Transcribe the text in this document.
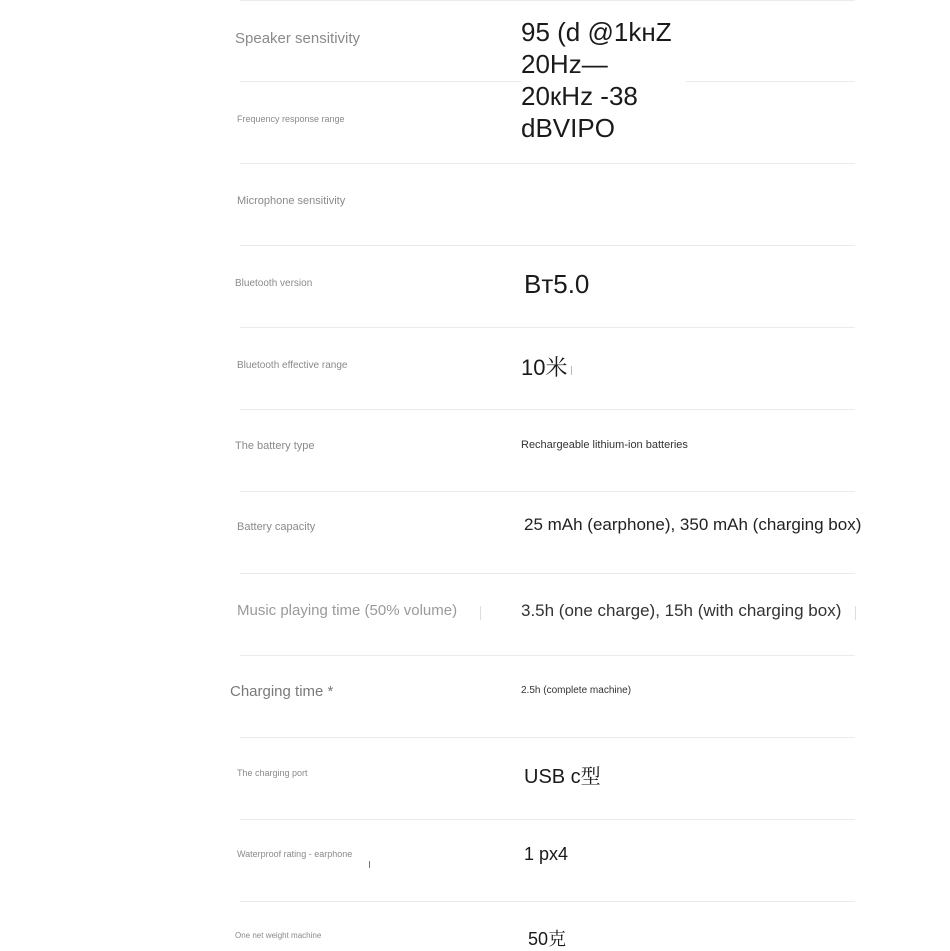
Speaker sensitivity
Frequency response range
Microphone sensitivity
Bluetooth version
Bluetooth effective range
The battery type
Battery capacity
Music playing time (50% volume)
Charging time *
The charging port
Waterproof rating - earphone
One net weight machine
95 (d @1kнZ
20Hz—
20кHz -38
dBVIPO
Bт5.0
10米
Rechargeable lithium-ion batteries
25 mAh (earphone), 350 mAh (charging box)
3.5h (one charge), 15h (with charging box)
2.5h (complete machine)
USB c型
1 px4
50克
